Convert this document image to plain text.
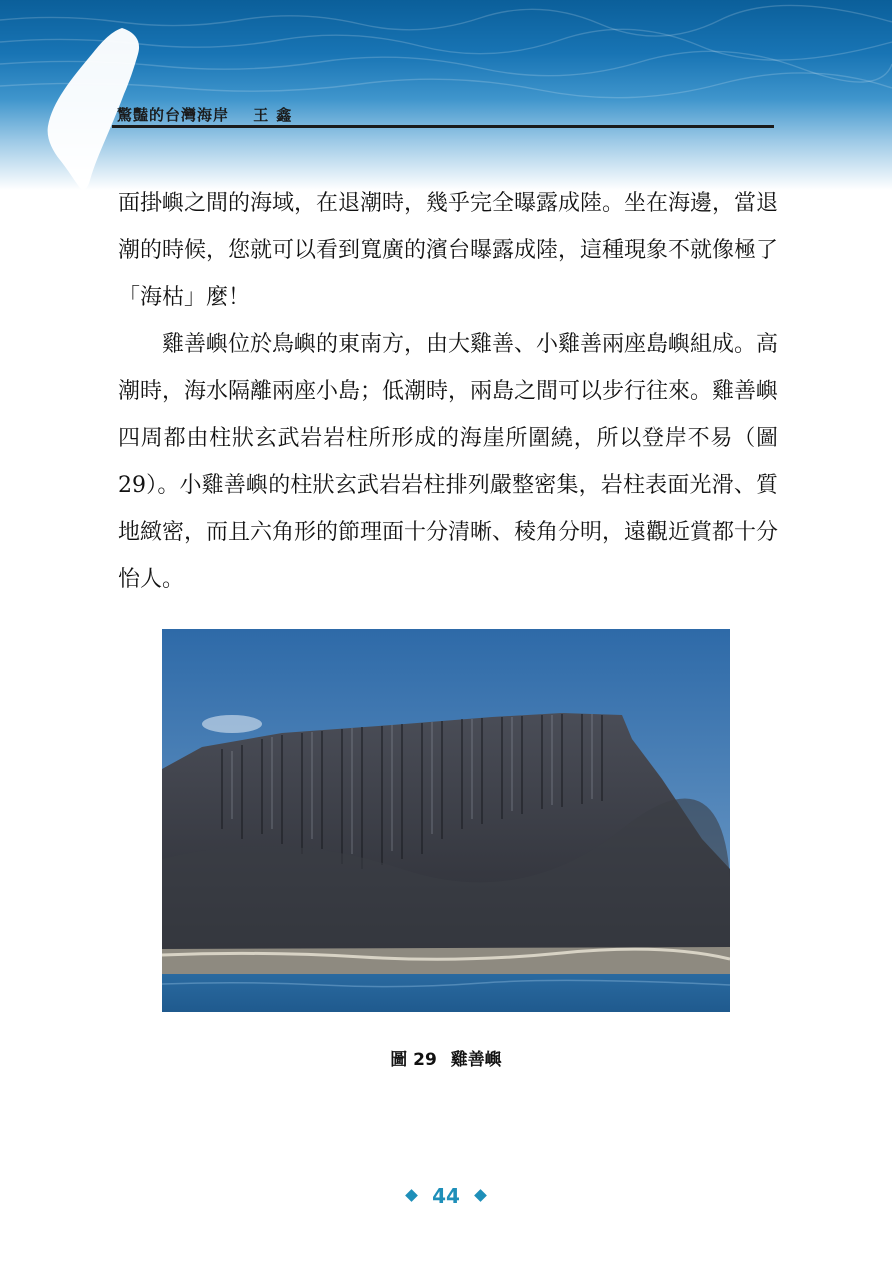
驚豔的台灣海岸 王鑫

面掛嶼之間的海域，在退潮時，幾乎完全曝露成陸。坐在海邊，當退潮的時候，您就可以看到寬廣的濱台曝露成陸，這種現象不就像極了「海枯」麼！

雞善嶼位於鳥嶼的東南方，由大雞善、小雞善兩座島嶼組成。高潮時，海水隔離兩座小島；低潮時，兩島之間可以步行往來。雞善嶼四周都由柱狀玄武岩岩柱所形成的海崖所圍繞，所以登岸不易（圖 29）。小雞善嶼的柱狀玄武岩岩柱排列嚴整密集，岩柱表面光滑、質地緻密，而且六角形的節理面十分清晰、稜角分明，遠觀近賞都十分怡人。

圖 29 雞善嶼
44
